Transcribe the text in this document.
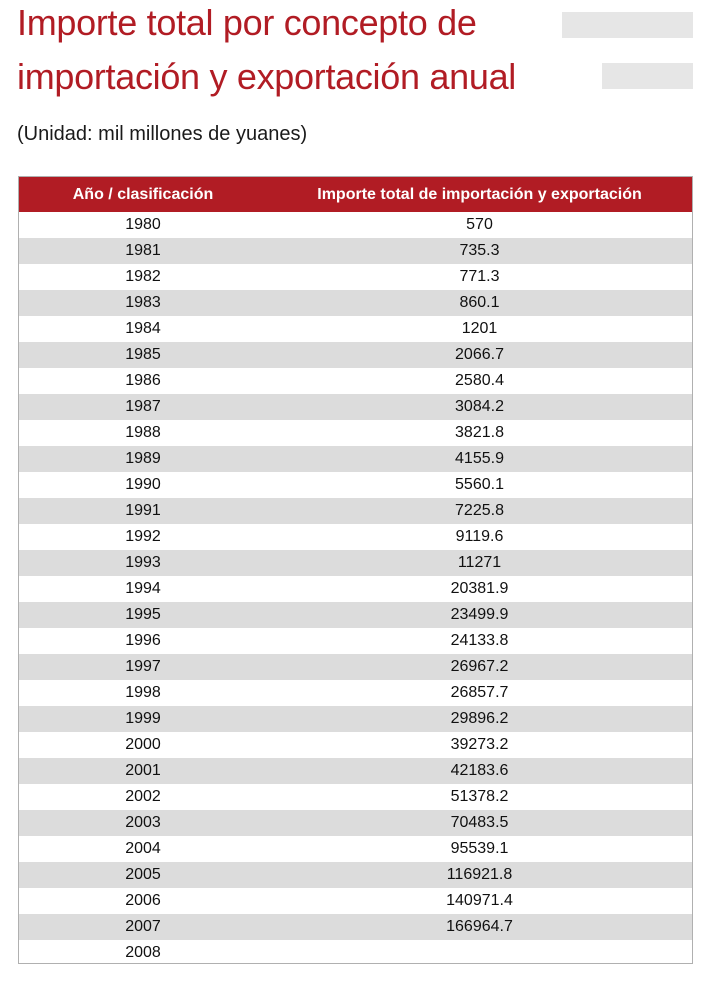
Importe total por concepto de
importación y exportación anual
(Unidad: mil millones de yuanes)
Año / clasificación	Importe total de importación y exportación
1980	570
1981	735.3
1982	771.3
1983	860.1
1984	1201
1985	2066.7
1986	2580.4
1987	3084.2
1988	3821.8
1989	4155.9
1990	5560.1
1991	7225.8
1992	9119.6
1993	11271
1994	20381.9
1995	23499.9
1996	24133.8
1997	26967.2
1998	26857.7
1999	29896.2
2000	39273.2
2001	42183.6
2002	51378.2
2003	70483.5
2004	95539.1
2005	116921.8
2006	140971.4
2007	166964.7
2008
